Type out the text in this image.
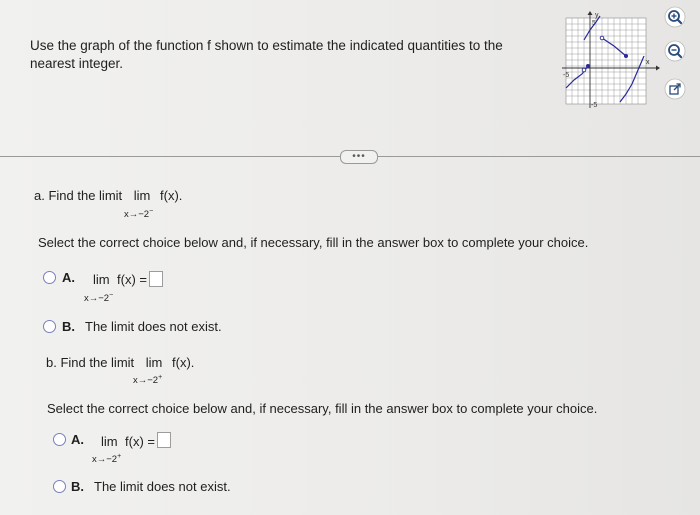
Use the graph of the function f shown to estimate the indicated quantities to the nearest integer.
y
x
5
-5
-5
•••
a. Find the limit lim f(x).
x→−2−
Select the correct choice below and, if necessary, fill in the answer box to complete your choice.
A. lim f(x) =
x→−2−
B. The limit does not exist.
b. Find the limit lim f(x).
x→−2+
Select the correct choice below and, if necessary, fill in the answer box to complete your choice.
A. lim f(x) =
x→−2+
B. The limit does not exist.
